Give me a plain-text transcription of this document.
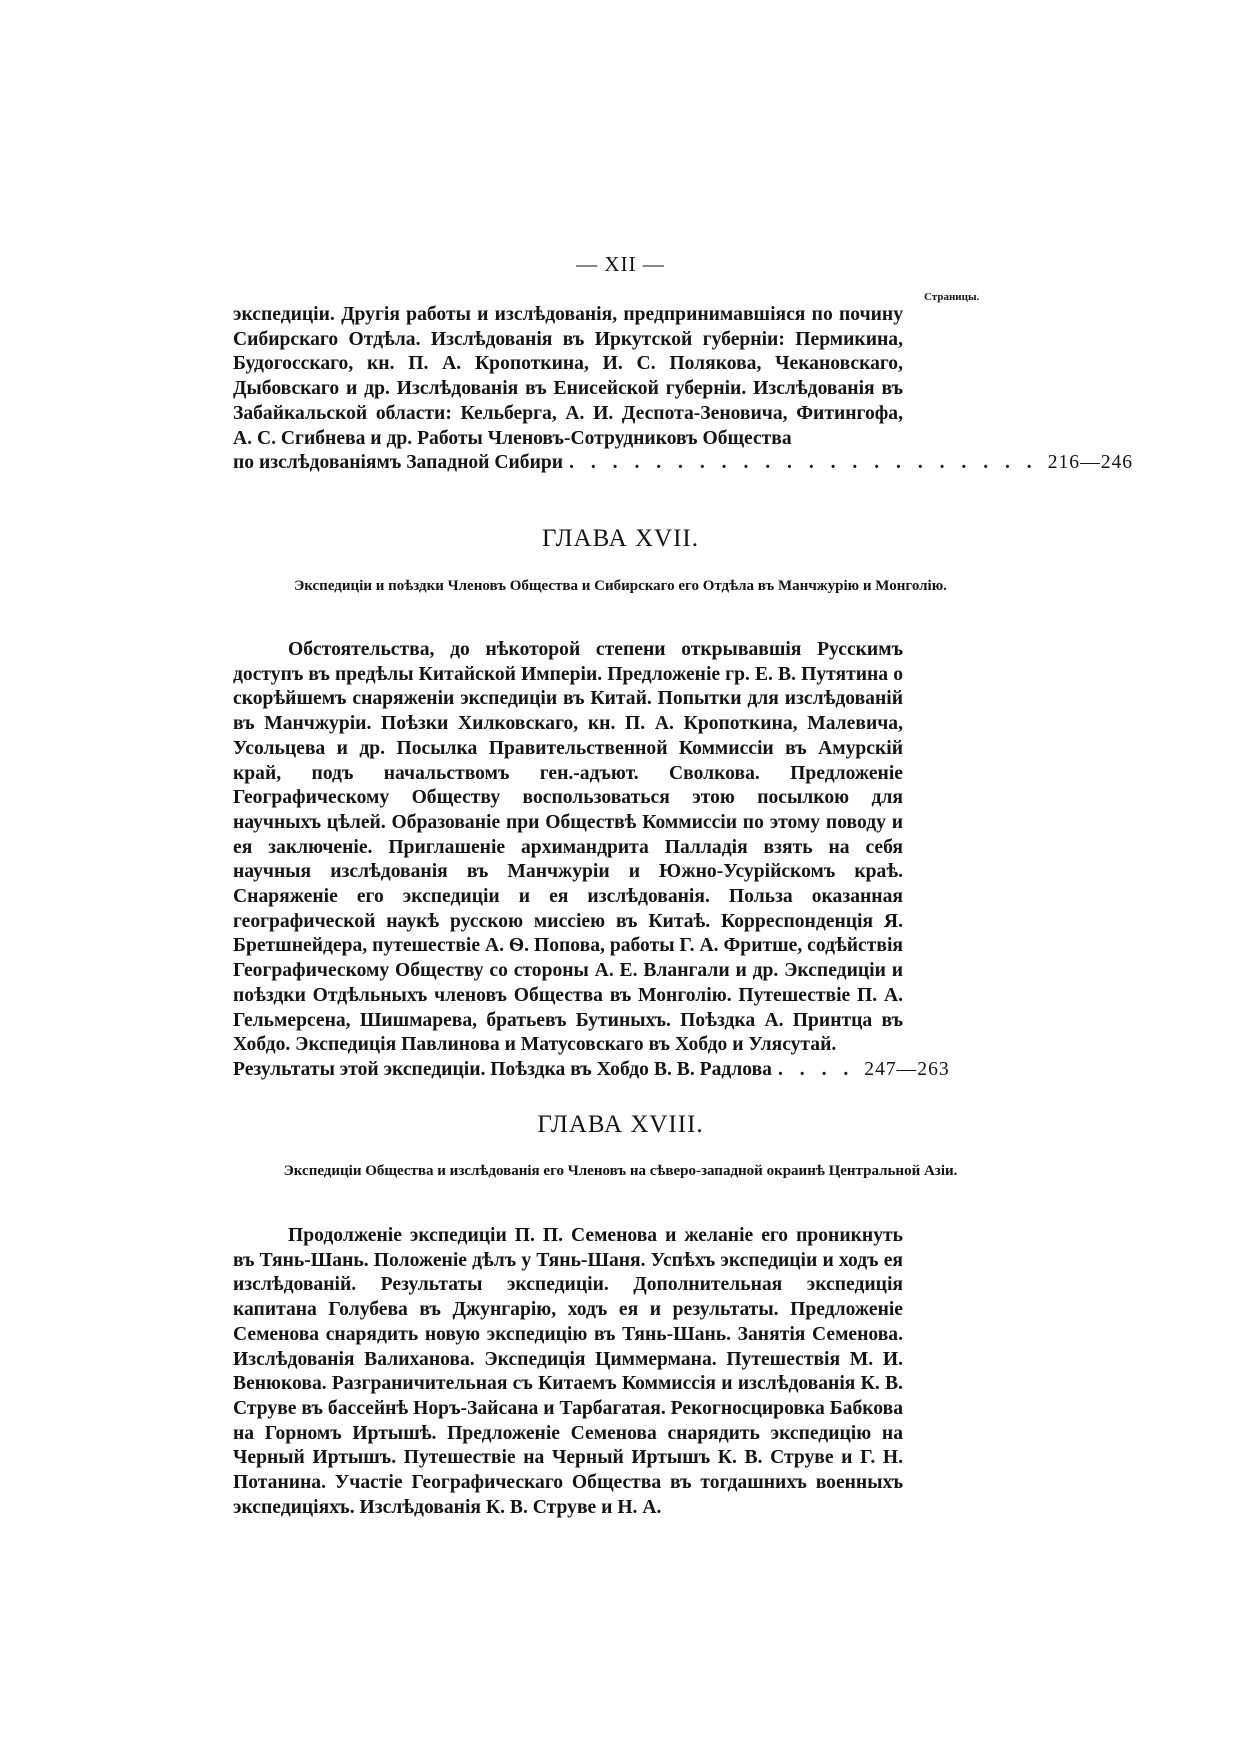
— XII —
Страницы.

экспедиціи. Другія работы и изслѣдованія, предпринимавшіяся по почину Сибирскаго Отдѣла. Изслѣдованія въ Иркутской губерніи: Пермикина, Будогосскаго, кн. П. А. Кропоткина, И. С. Полякова, Чекановскаго, Дыбовскаго и др. Изслѣдованія въ Енисейской губерніи. Изслѣдованія въ Забайкальской области: Кельберга, А. И. Деспота-Зеновича, Фитингофа, А. С. Сгибнева и др. Работы Членовъ-Сотрудниковъ Общества

по изслѣдованіямъ Западной Сибири . . . . . . . . . . . . . . . . . . . . . . 216—246
ГЛАВА XVII.
Экспедиціи и поѣздки Членовъ Общества и Сибирскаго его Отдѣла въ Манчжурію и Монголію.

Обстоятельства, до нѣкоторой степени открывавшія Русскимъ доступъ въ предѣлы Китайской Имперіи. Предложеніе гр. Е. В. Путятина о скорѣйшемъ снаряженіи экспедиціи въ Китай. Попытки для изслѣдованій въ Манчжуріи. Поѣзки Хилковскаго, кн. П. А. Кропоткина, Малевича, Усольцева и др. Посылка Правительственной Коммиссіи въ Амурскій край, подъ начальствомъ ген.-адъют. Сволкова. Предложеніе Географическому Обществу воспользоваться этою посылкою для научныхъ цѣлей. Образованіе при Обществѣ Коммиссіи по этому поводу и ея заключеніе. Приглашеніе архимандрита Палладія взять на себя научныя изслѣдованія въ Манчжуріи и Южно-Усурійскомъ краѣ. Снаряженіе его экспедиціи и ея изслѣдованія. Польза оказанная географической наукѣ русскою миссіею въ Китаѣ. Корреспонденція Я. Бретшнейдера, путешествіе А. Ѳ. Попова, работы Г. А. Фритше, содѣйствія Географическому Обществу со стороны А. Е. Влангали и др. Экспедиціи и поѣздки Отдѣльныхъ членовъ Общества въ Монголію. Путешествіе П. А. Гельмерсена, Шишмарева, братьевъ Бутиныхъ. Поѣздка А. Принтца въ Хобдо. Экспедиція Павлинова и Матусовскаго въ Хобдо и Улясутай.

Результаты этой экспедиціи. Поѣздка въ Хобдо В. В. Радлова . . . . 247—263
ГЛАВА XVIII.
Экспедиціи Общества и изслѣдованія его Членовъ на сѣверо-западной окраинѣ Центральной Азіи.

Продолженіе экспедиціи П. П. Семенова и желаніе его проникнуть въ Тянь-Шань. Положеніе дѣлъ у Тянь-Шаня. Успѣхъ экспедиціи и ходъ ея изслѣдованій. Результаты экспедиціи. Дополнительная экспедиція капитана Голубева въ Джунгарію, ходъ ея и результаты. Предложеніе Семенова снарядить новую экспедицію въ Тянь-Шань. Занятія Семенова. Изслѣдованія Валиханова. Экспедиція Циммермана. Путешествія М. И. Венюкова. Разграничительная съ Китаемъ Коммиссія и изслѣдованія К. В. Струве въ бассейнѣ Норъ-Зайсана и Тарбагатая. Рекогносцировка Бабкова на Горномъ Иртышѣ. Предложеніе Семенова снарядить экспедицію на Черный Иртышъ. Путешествіе на Черный Иртышъ К. В. Струве и Г. Н. Потанина. Участіе Географическаго Общества въ тогдашнихъ военныхъ экспедиціяхъ. Изслѣдованія К. В. Струве и Н. А.
